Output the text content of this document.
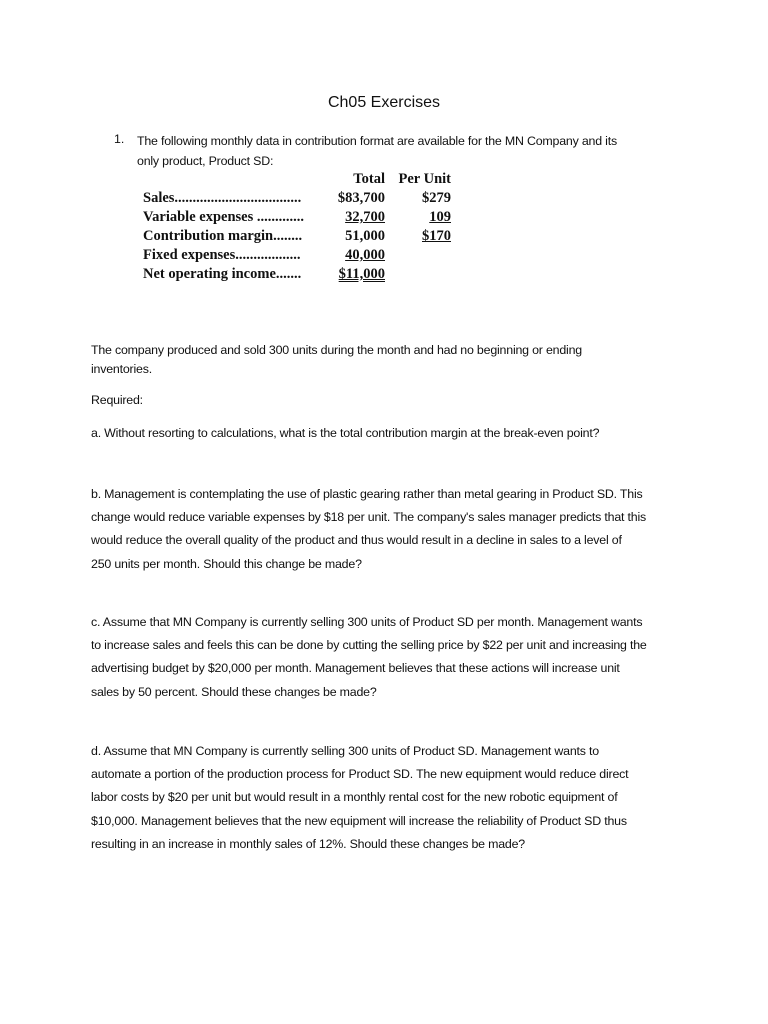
Ch05 Exercises
1. The following monthly data in contribution format are available for the MN Company and its
only product, Product SD:
	Total	Per Unit
Sales...................................	$83,700	$279
Variable expenses .............	32,700	109
Contribution margin........	51,000	$170
Fixed expenses..................	40,000	
Net operating income.......	$11,000	
The company produced and sold 300 units during the month and had no beginning or ending
inventories.
Required:
a. Without resorting to calculations, what is the total contribution margin at the break-even point?
b. Management is contemplating the use of plastic gearing rather than metal gearing in Product SD. This
change would reduce variable expenses by $18 per unit. The company's sales manager predicts that this
would reduce the overall quality of the product and thus would result in a decline in sales to a level of
250 units per month. Should this change be made?
c. Assume that MN Company is currently selling 300 units of Product SD per month. Management wants
to increase sales and feels this can be done by cutting the selling price by $22 per unit and increasing the
advertising budget by $20,000 per month. Management believes that these actions will increase unit
sales by 50 percent. Should these changes be made?
d. Assume that MN Company is currently selling 300 units of Product SD. Management wants to
automate a portion of the production process for Product SD. The new equipment would reduce direct
labor costs by $20 per unit but would result in a monthly rental cost for the new robotic equipment of
$10,000. Management believes that the new equipment will increase the reliability of Product SD thus
resulting in an increase in monthly sales of 12%. Should these changes be made?
